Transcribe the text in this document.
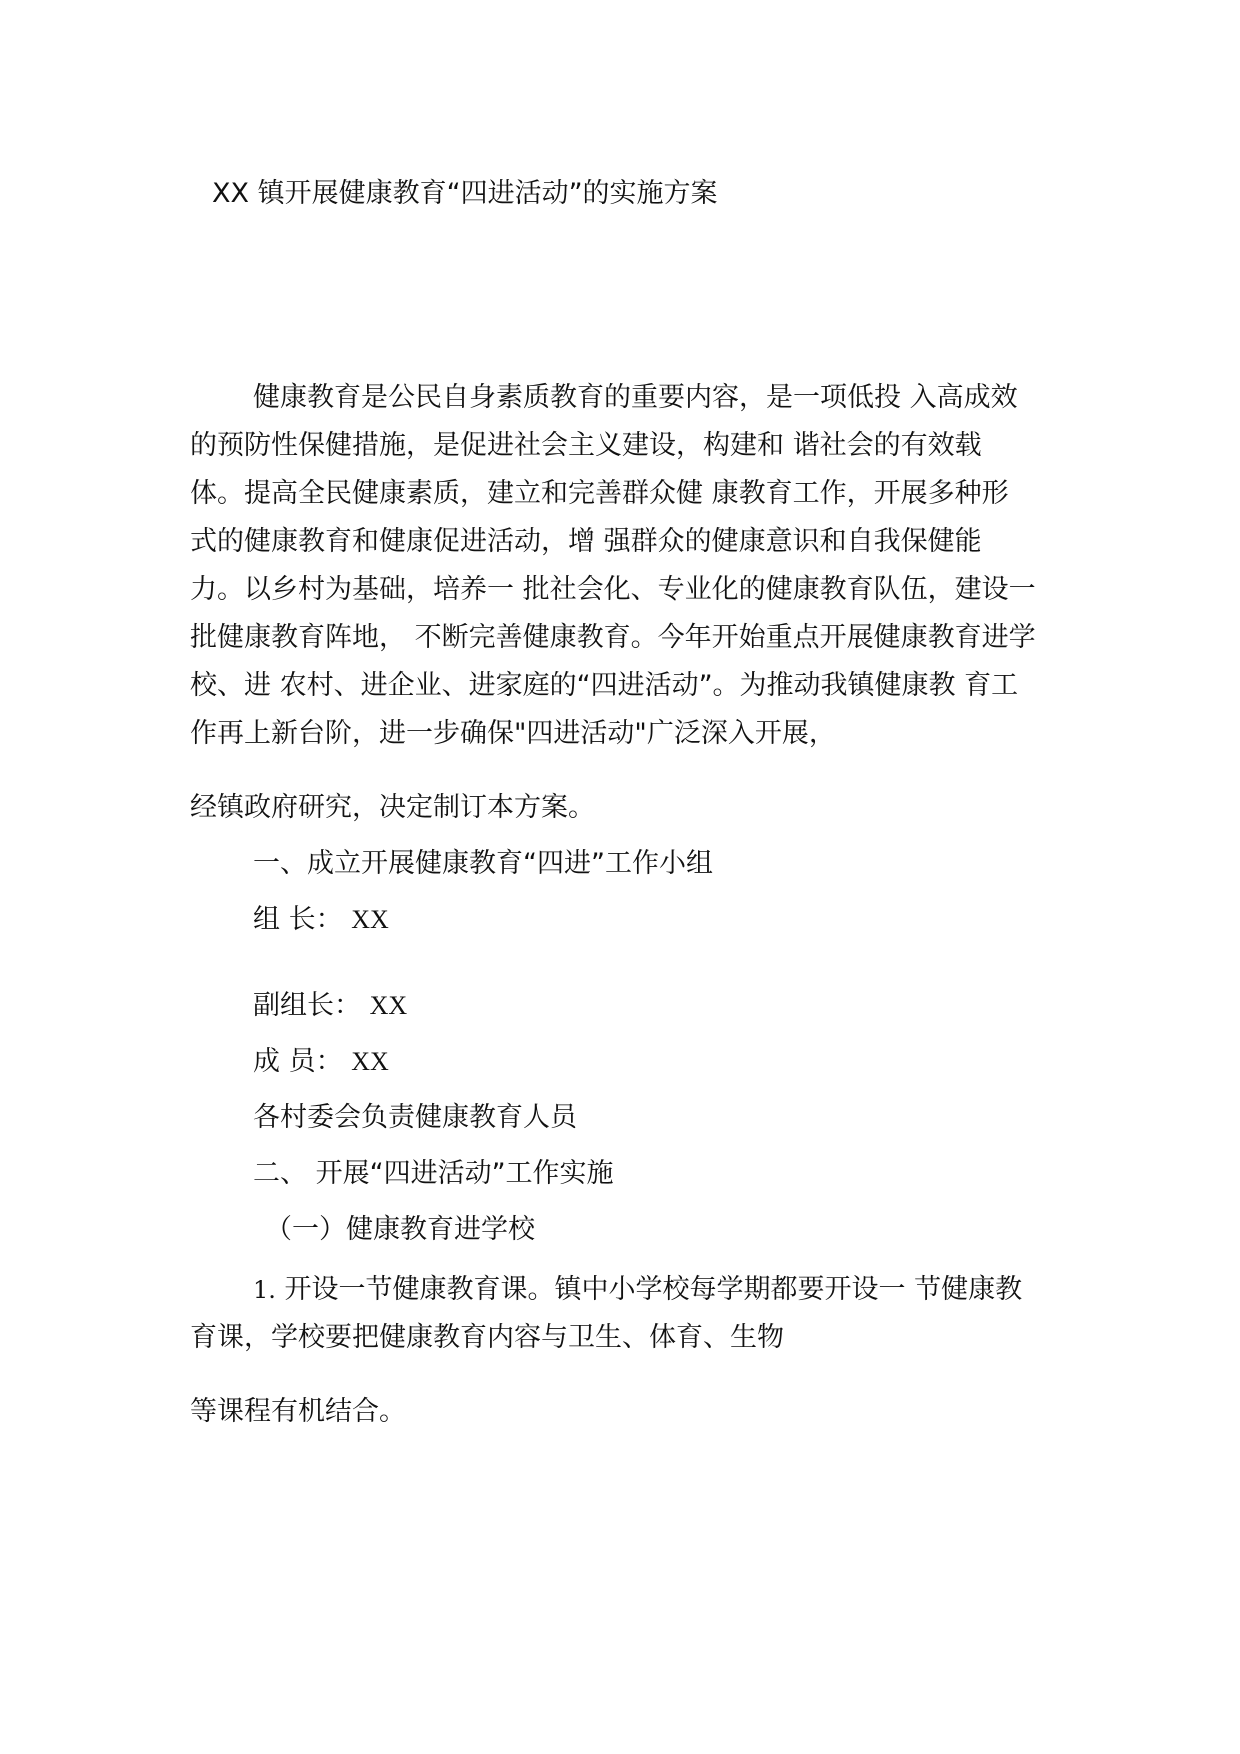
XX 镇开展健康教育“四进活动”的实施方案
健康教育是公民自身素质教育的重要内容，是一项低投 入高成效
的预防性保健措施，是促进社会主义建设，构建和 谐社会的有效载
体。提高全民健康素质，建立和完善群众健 康教育工作，开展多种形
式的健康教育和健康促进活动，增 强群众的健康意识和自我保健能
力。以乡村为基础，培养一 批社会化、专业化的健康教育队伍，建设一
批健康教育阵地， 不断完善健康教育。今年开始重点开展健康教育进学
校、进 农村、进企业、进家庭的“四进活动”。为推动我镇健康教 育工
作再上新台阶，进一步确保"四进活动"广泛深入开展，
经镇政府研究，决定制订本方案。
一、成立开展健康教育“四进”工作小组
组 长： XX
副组长： XX
成 员： XX
各村委会负责健康教育人员
二、 开展“四进活动”工作实施
（一）健康教育进学校
1. 开设一节健康教育课。镇中小学校每学期都要开设一 节健康教
育课，学校要把健康教育内容与卫生、体育、生物
等课程有机结合。
